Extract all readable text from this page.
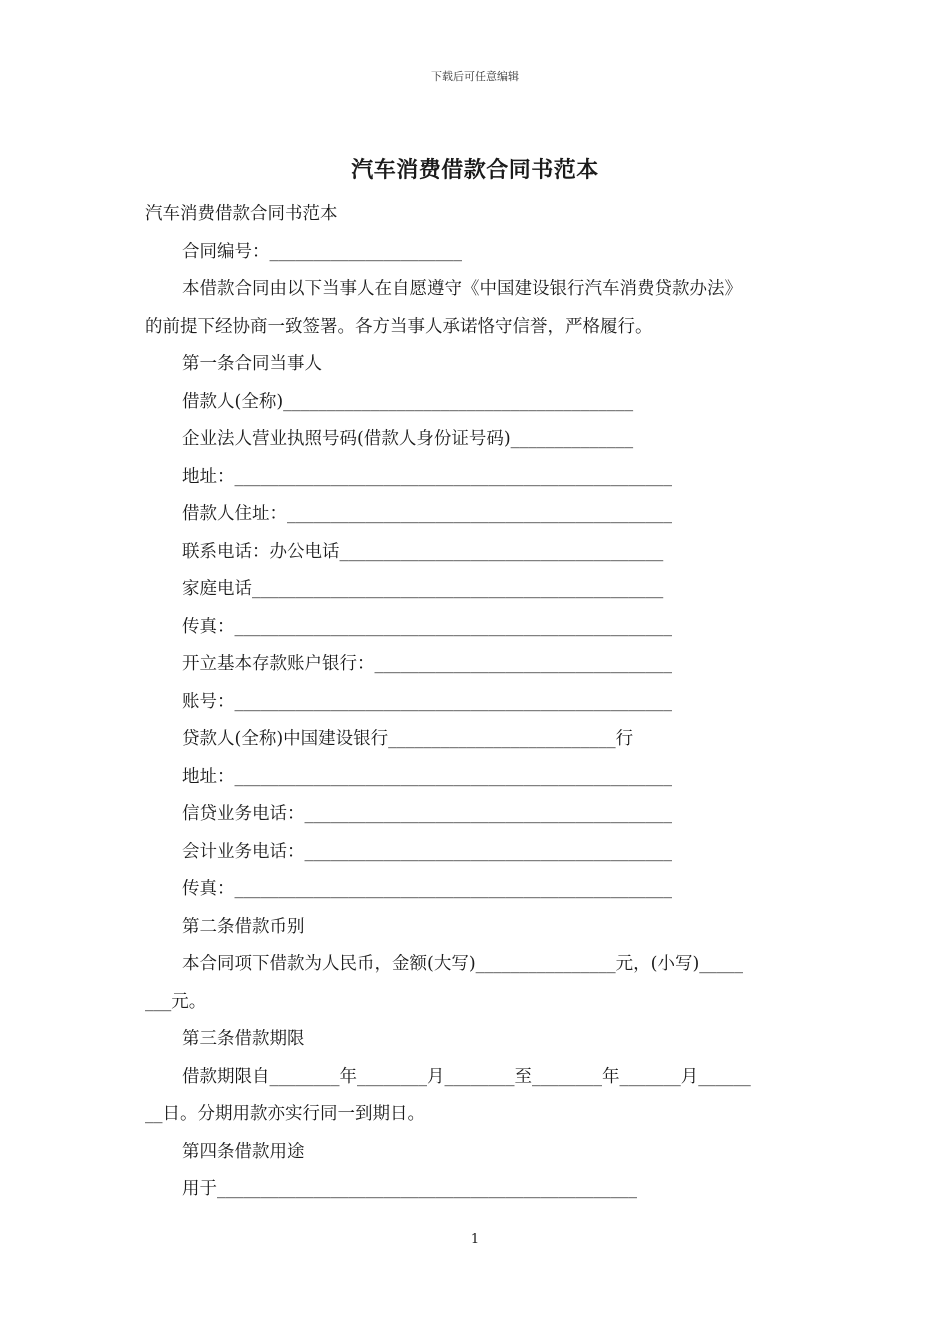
下载后可任意编辑
汽车消费借款合同书范本
汽车消费借款合同书范本
合同编号：______________________
本借款合同由以下当事人在自愿遵守《中国建设银行汽车消费贷款办法》
的前提下经协商一致签署。各方当事人承诺恪守信誉，严格履行。
第一条合同当事人
借款人(全称)________________________________________
企业法人营业执照号码(借款人身份证号码)______________
地址：__________________________________________________
借款人住址：____________________________________________
联系电话：办公电话_____________________________________
家庭电话_______________________________________________
传真：__________________________________________________
开立基本存款账户银行：__________________________________
账号：__________________________________________________
贷款人(全称)中国建设银行__________________________行
地址：__________________________________________________
信贷业务电话：__________________________________________
会计业务电话：__________________________________________
传真：__________________________________________________
第二条借款币别
本合同项下借款为人民币，金额(大写)________________元，(小写)_____
___元。
第三条借款期限
借款期限自________年________月________至________年_______月______
__日。分期用款亦实行同一到期日。
第四条借款用途
用于________________________________________________
1
